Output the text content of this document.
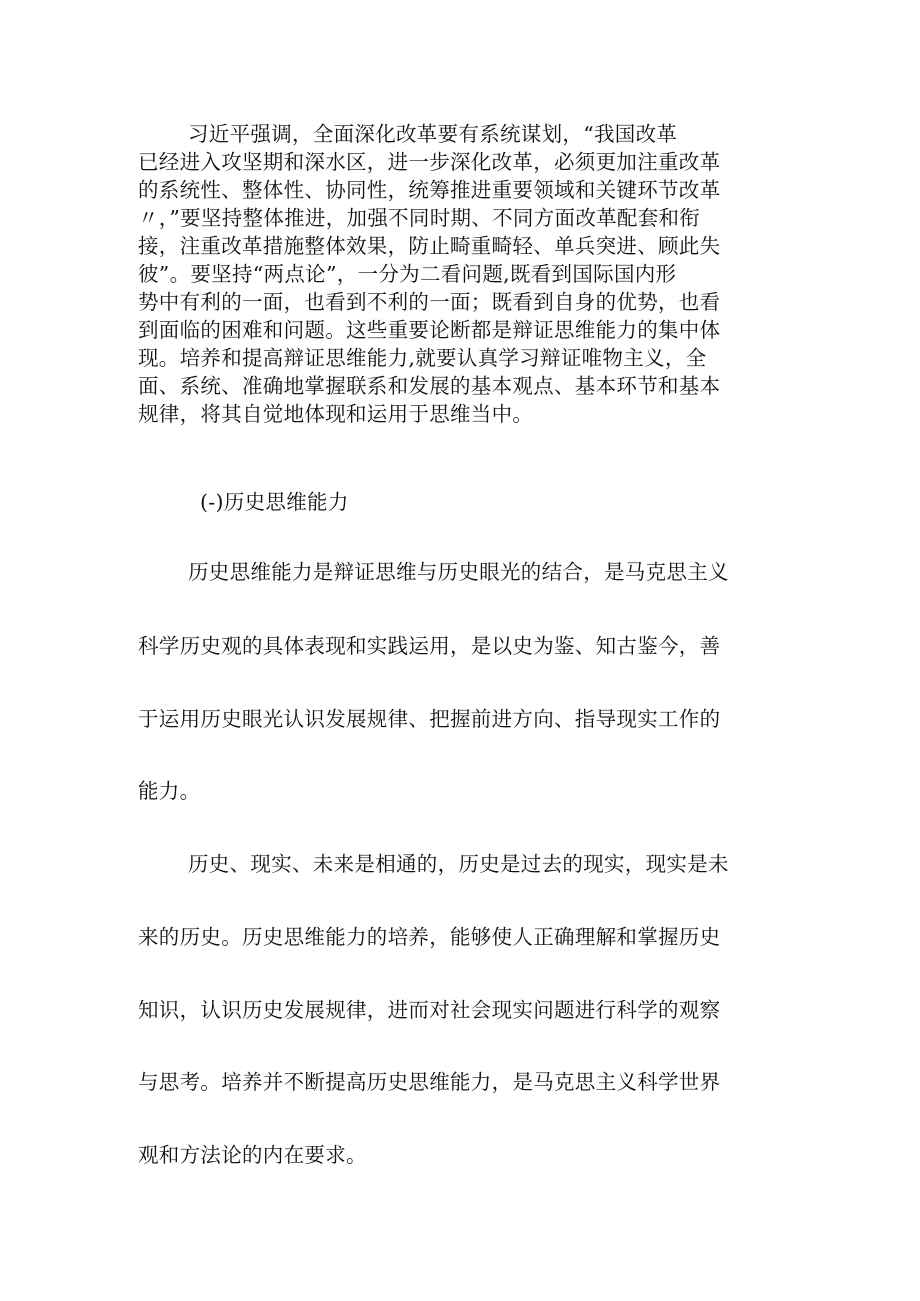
习近平强调，全面深化改革要有系统谋划，“我国改革
已经进入攻坚期和深水区，进一步深化改革，必须更加注重改革
的系统性、整体性、协同性，统筹推进重要领域和关键环节改革
〃，”要坚持整体推进，加强不同时期、不同方面改革配套和衔
接，注重改革措施整体效果，防止畸重畸轻、单兵突进、顾此失
彼”。要坚持“两点论”，一分为二看问题,既看到国际国内形
势中有利的一面，也看到不利的一面；既看到自身的优势，也看
到面临的困难和问题。这些重要论断都是辩证思维能力的集中体
现。培养和提高辩证思维能力,就要认真学习辩证唯物主义，全
面、系统、准确地掌握联系和发展的基本观点、基本环节和基本
规律，将其自觉地体现和运用于思维当中。
(-)历史思维能力
历史思维能力是辩证思维与历史眼光的结合，是马克思主义
科学历史观的具体表现和实践运用，是以史为鉴、知古鉴今，善
于运用历史眼光认识发展规律、把握前进方向、指导现实工作的
能力。
历史、现实、未来是相通的，历史是过去的现实，现实是未
来的历史。历史思维能力的培养，能够使人正确理解和掌握历史
知识，认识历史发展规律，进而对社会现实问题进行科学的观察
与思考。培养并不断提高历史思维能力，是马克思主义科学世界
观和方法论的内在要求。
